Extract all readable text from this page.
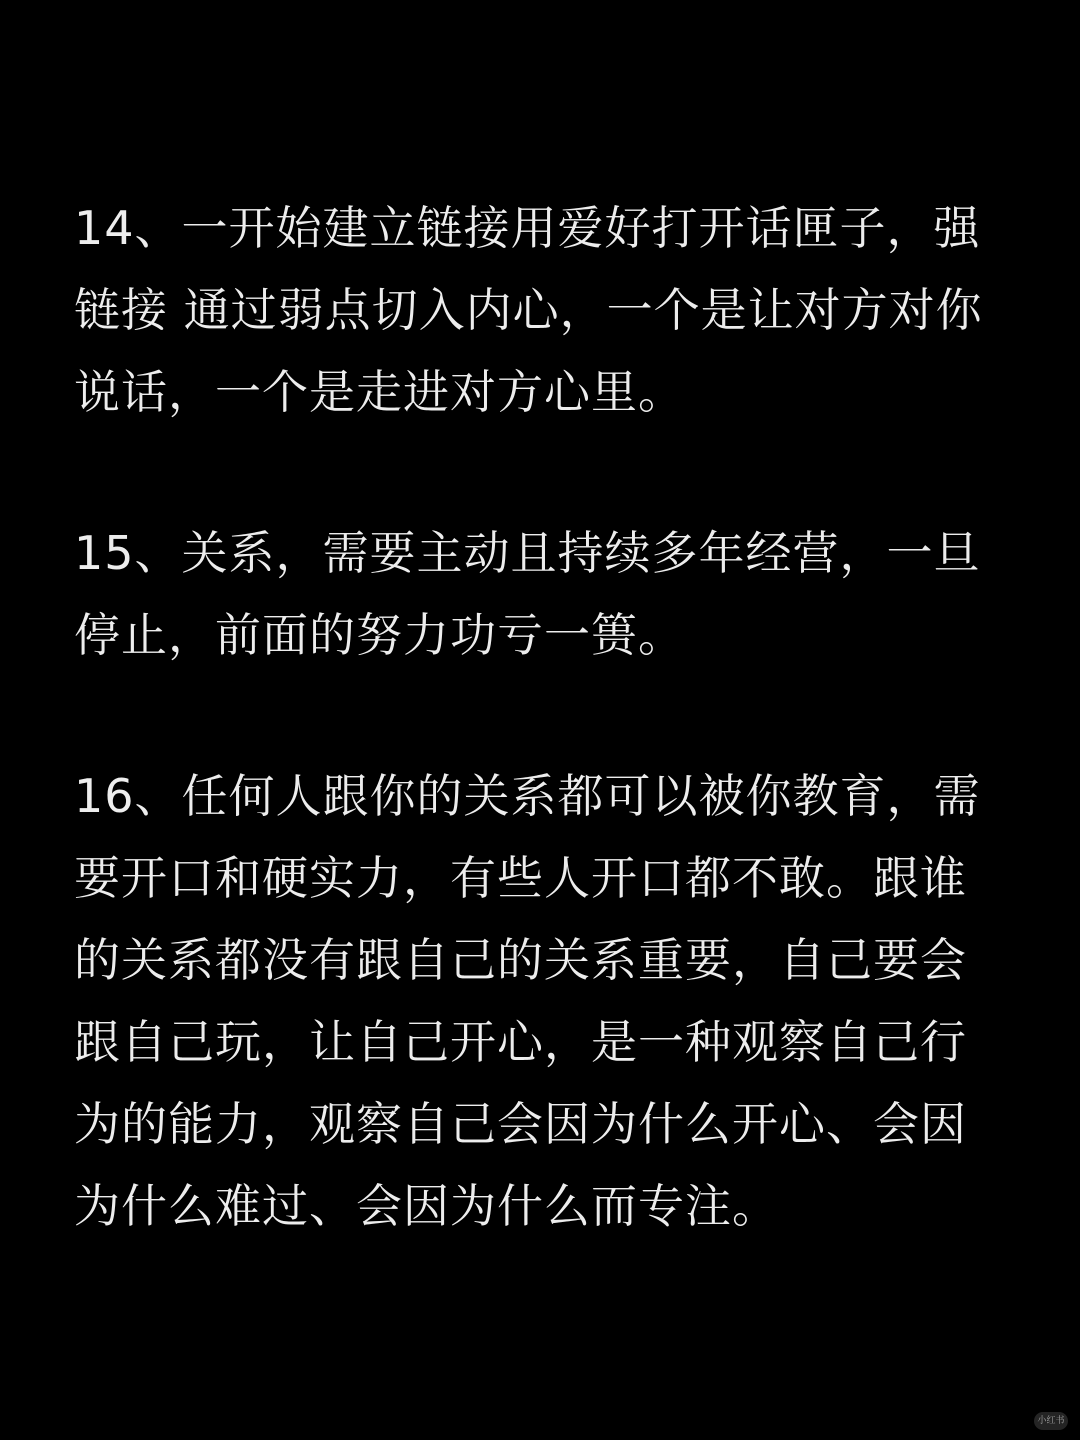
14、一开始建立链接用爱好打开话匣子，强
链接 通过弱点切入内心，一个是让对方对你
说话，一个是走进对方心里。

15、关系，需要主动且持续多年经营，一旦
停止，前面的努力功亏一篑。

16、任何人跟你的关系都可以被你教育，需
要开口和硬实力，有些人开口都不敢。跟谁
的关系都没有跟自己的关系重要，自己要会
跟自己玩，让自己开心，是一种观察自己行
为的能力，观察自己会因为什么开心、会因
为什么难过、会因为什么而专注。

小红书
